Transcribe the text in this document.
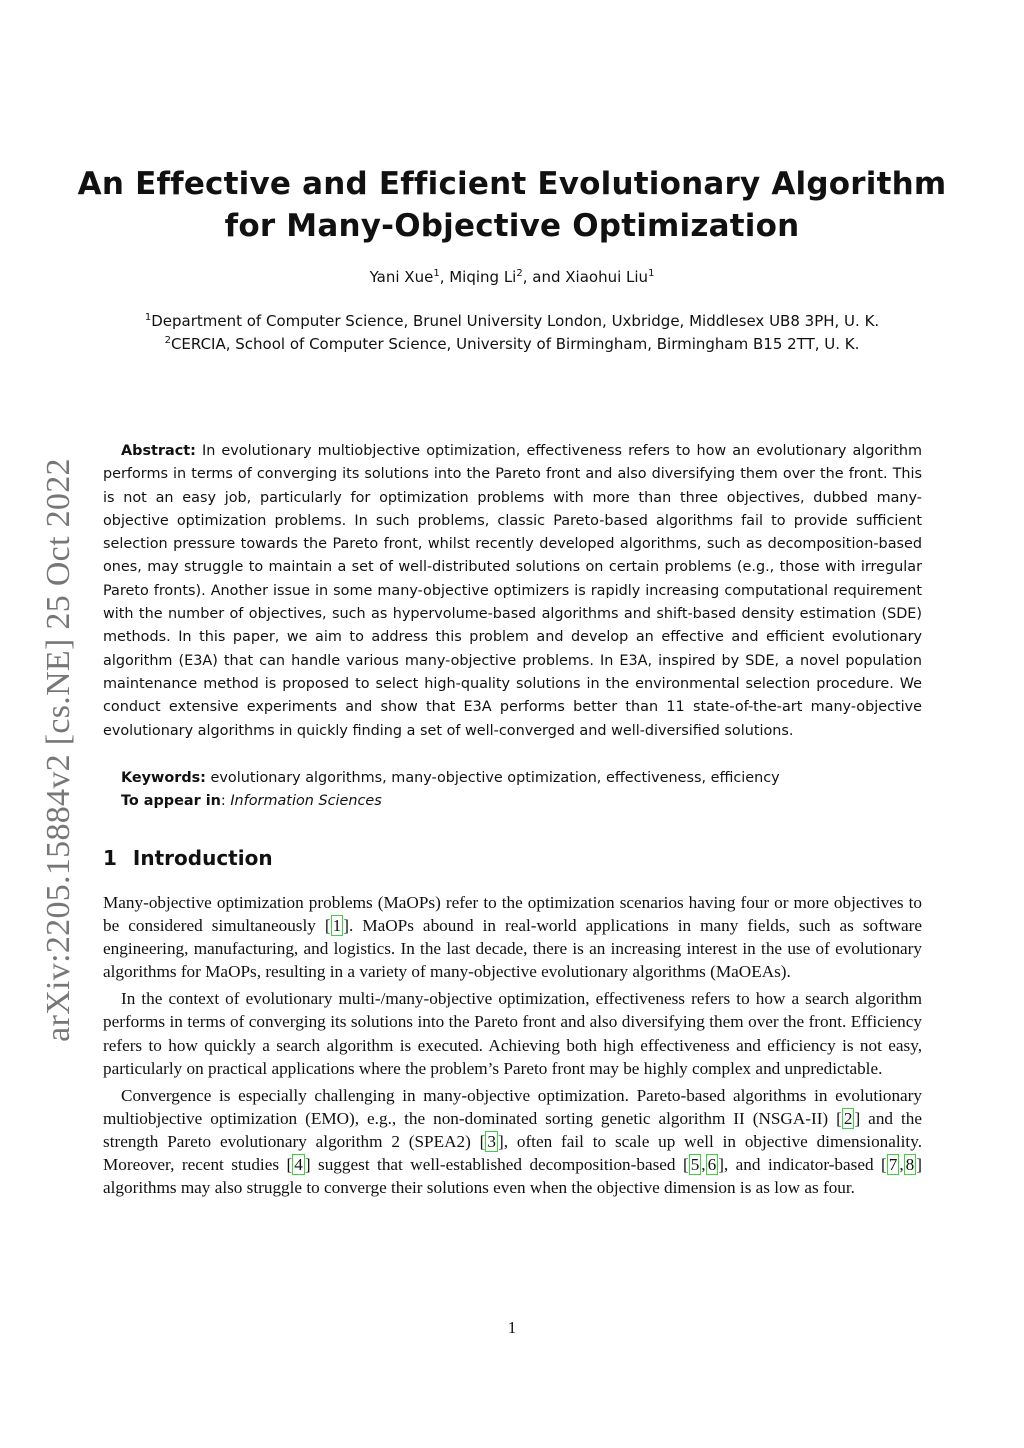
An Effective and Efficient Evolutionary Algorithm
for Many-Objective Optimization
Yani Xue$^1$, Miqing Li$^2$, and Xiaohui Liu$^1$
$^1$Department of Computer Science, Brunel University London, Uxbridge, Middlesex UB8 3PH, U. K.
$^2$CERCIA, School of Computer Science, University of Birmingham, Birmingham B15 2TT, U. K.
arXiv:2205.15884v2 [cs.NE] 25 Oct 2022

Abstract: In evolutionary multiobjective optimization, effectiveness refers to how an evolutionary algorithm performs in terms of converging its solutions into the Pareto front and also diversifying them over the front. This is not an easy job, particularly for optimization problems with more than three objectives, dubbed many-objective optimization problems. In such problems, classic Pareto-based algorithms fail to provide sufficient selection pressure towards the Pareto front, whilst recently developed algorithms, such as decomposition-based ones, may struggle to maintain a set of well-distributed solutions on certain problems (e.g., those with irregular Pareto fronts). Another issue in some many-objective optimizers is rapidly increasing computational requirement with the number of objectives, such as hypervolume-based algorithms and shift-based density estimation (SDE) methods. In this paper, we aim to address this problem and develop an effective and efficient evolutionary algorithm (E3A) that can handle various many-objective problems. In E3A, inspired by SDE, a novel population maintenance method is proposed to select high-quality solutions in the environmental selection procedure. We conduct extensive experiments and show that E3A performs better than 11 state-of-the-art many-objective evolutionary algorithms in quickly finding a set of well-converged and well-diversified solutions.

Keywords: evolutionary algorithms, many-objective optimization, effectiveness, efficiency
To appear in: Information Sciences
1 Introduction

Many-objective optimization problems (MaOPs) refer to the optimization scenarios having four or more objectives to be considered simultaneously [ 1 ]. MaOPs abound in real-world applications in many fields, such as software engineering, manufacturing, and logistics. In the last decade, there is an increasing interest in the use of evolutionary algorithms for MaOPs, resulting in a variety of many-objective evolutionary algorithms (MaOEAs).

In the context of evolutionary multi-/many-objective optimization, effectiveness refers to how a search algorithm performs in terms of converging its solutions into the Pareto front and also diversifying them over the front. Efficiency refers to how quickly a search algorithm is executed. Achieving both high effectiveness and efficiency is not easy, particularly on practical applications where the problem’s Pareto front may be highly complex and unpredictable.

Convergence is especially challenging in many-objective optimization. Pareto-based algorithms in evolutionary multiobjective optimization (EMO), e.g., the non-dominated sorting genetic algorithm II (NSGA-II) [ 2 ] and the strength Pareto evolutionary algorithm 2 (SPEA2) [ 3 ], often fail to scale up well in objective dimensionality. Moreover, recent studies [ 4 ] suggest that well-established decomposition-based [ 5 , 6 ], and indicator-based [ 7 , 8 ] algorithms may also struggle to converge their solutions even when the objective dimension is as low as four.

1
